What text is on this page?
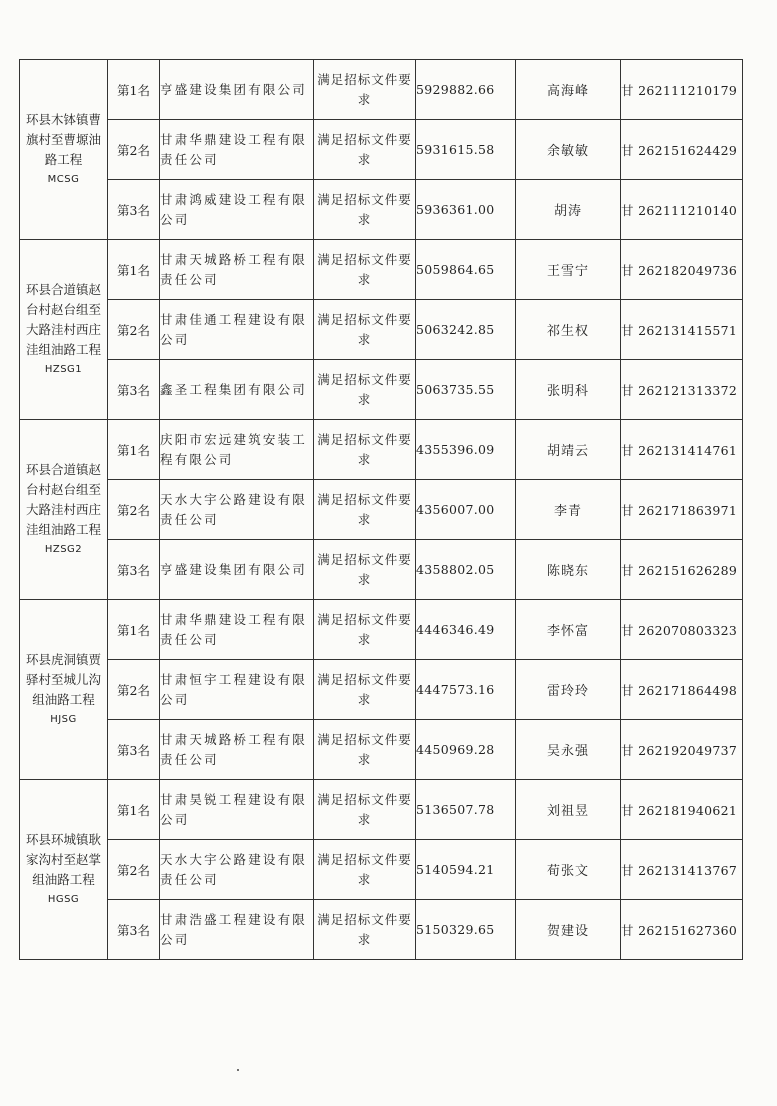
环县木钵镇曹旗村至曹塬油路工程
MCSG	第1名	亨盛建设集团有限公司	满足招标文件要求	5929882.66	高海峰	甘 262111210179
	第2名	甘肃华鼎建设工程有限责任公司	满足招标文件要求	5931615.58	余敏敏	甘 262151624429
	第3名	甘肃鸿威建设工程有限公司	满足招标文件要求	5936361.00	胡涛	甘 262111210140

环县合道镇赵台村赵台组至大路洼村西庄洼组油路工程
HZSG1	第1名	甘肃天城路桥工程有限责任公司	满足招标文件要求	5059864.65	王雪宁	甘 262182049736
	第2名	甘肃佳通工程建设有限公司	满足招标文件要求	5063242.85	祁生权	甘 262131415571
	第3名	鑫圣工程集团有限公司	满足招标文件要求	5063735.55	张明科	甘 262121313372

环县合道镇赵台村赵台组至大路洼村西庄洼组油路工程
HZSG2	第1名	庆阳市宏远建筑安装工程有限公司	满足招标文件要求	4355396.09	胡靖云	甘 262131414761
	第2名	天水大宇公路建设有限责任公司	满足招标文件要求	4356007.00	李青	甘 262171863971
	第3名	亨盛建设集团有限公司	满足招标文件要求	4358802.05	陈晓东	甘 262151626289

环县虎洞镇贾驿村至城儿沟组油路工程
HJSG	第1名	甘肃华鼎建设工程有限责任公司	满足招标文件要求	4446346.49	李怀富	甘 262070803323
	第2名	甘肃恒宇工程建设有限公司	满足招标文件要求	4447573.16	雷玲玲	甘 262171864498
	第3名	甘肃天城路桥工程有限责任公司	满足招标文件要求	4450969.28	吴永强	甘 262192049737

环县环城镇耿家沟村至赵掌组油路工程
HGSG	第1名	甘肃昊锐工程建设有限公司	满足招标文件要求	5136507.78	刘祖昱	甘 262181940621
	第2名	天水大宇公路建设有限责任公司	满足招标文件要求	5140594.21	荀张文	甘 262131413767
	第3名	甘肃浩盛工程建设有限公司	满足招标文件要求	5150329.65	贺建设	甘 262151627360
